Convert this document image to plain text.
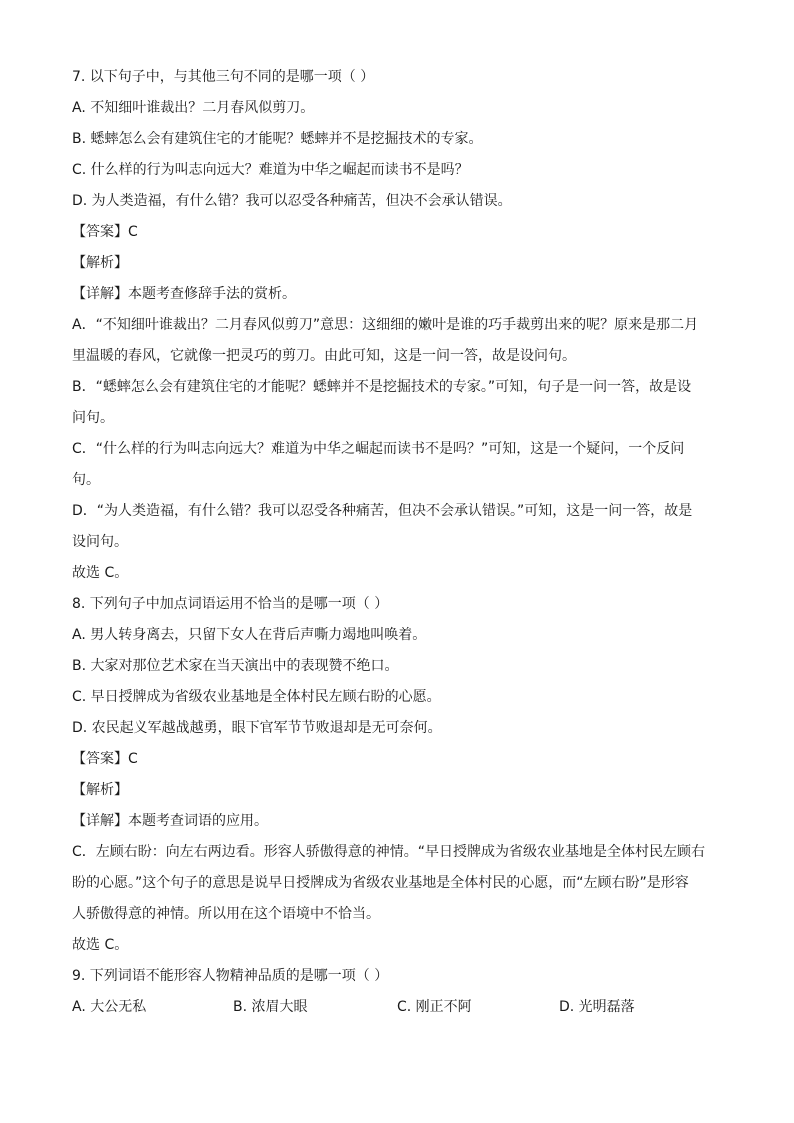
7. 以下句子中，与其他三句不同的是哪一项（ ）
A. 不知细叶谁裁出？二月春风似剪刀。
B. 蟋蟀怎么会有建筑住宅的才能呢？蟋蟀并不是挖掘技术的专家。
C. 什么样的行为叫志向远大？难道为中华之崛起而读书不是吗？
D. 为人类造福，有什么错？我可以忍受各种痛苦，但决不会承认错误。
【答案】C
【解析】
【详解】本题考查修辞手法的赏析。
A．“不知细叶谁裁出？二月春风似剪刀”意思：这细细的嫩叶是谁的巧手裁剪出来的呢？原来是那二月
里温暖的春风，它就像一把灵巧的剪刀。由此可知，这是一问一答，故是设问句。
B．“蟋蟀怎么会有建筑住宅的才能呢？蟋蟀并不是挖掘技术的专家。”可知，句子是一问一答，故是设
问句。
C．“什么样的行为叫志向远大？难道为中华之崛起而读书不是吗？”可知，这是一个疑问，一个反问
句。
D．“为人类造福，有什么错？我可以忍受各种痛苦，但决不会承认错误。”可知，这是一问一答，故是
设问句。
故选 C。
8. 下列句子中加点词语运用不恰当的是哪一项（ ）
A. 男人转身离去，只留下女人在背后声嘶力竭地叫唤着。
B. 大家对那位艺术家在当天演出中的表现赞不绝口。
C. 早日授牌成为省级农业基地是全体村民左顾右盼的心愿。
D. 农民起义军越战越勇，眼下官军节节败退却是无可奈何。
【答案】C
【解析】
【详解】本题考查词语的应用。
C．左顾右盼：向左右两边看。形容人骄傲得意的神情。“早日授牌成为省级农业基地是全体村民左顾右
盼的心愿。”这个句子的意思是说早日授牌成为省级农业基地是全体村民的心愿，而“左顾右盼”是形容
人骄傲得意的神情。所以用在这个语境中不恰当。
故选 C。
9. 下列词语不能形容人物精神品质的是哪一项（ ）
A. 大公无私	B. 浓眉大眼	C. 刚正不阿	D. 光明磊落
